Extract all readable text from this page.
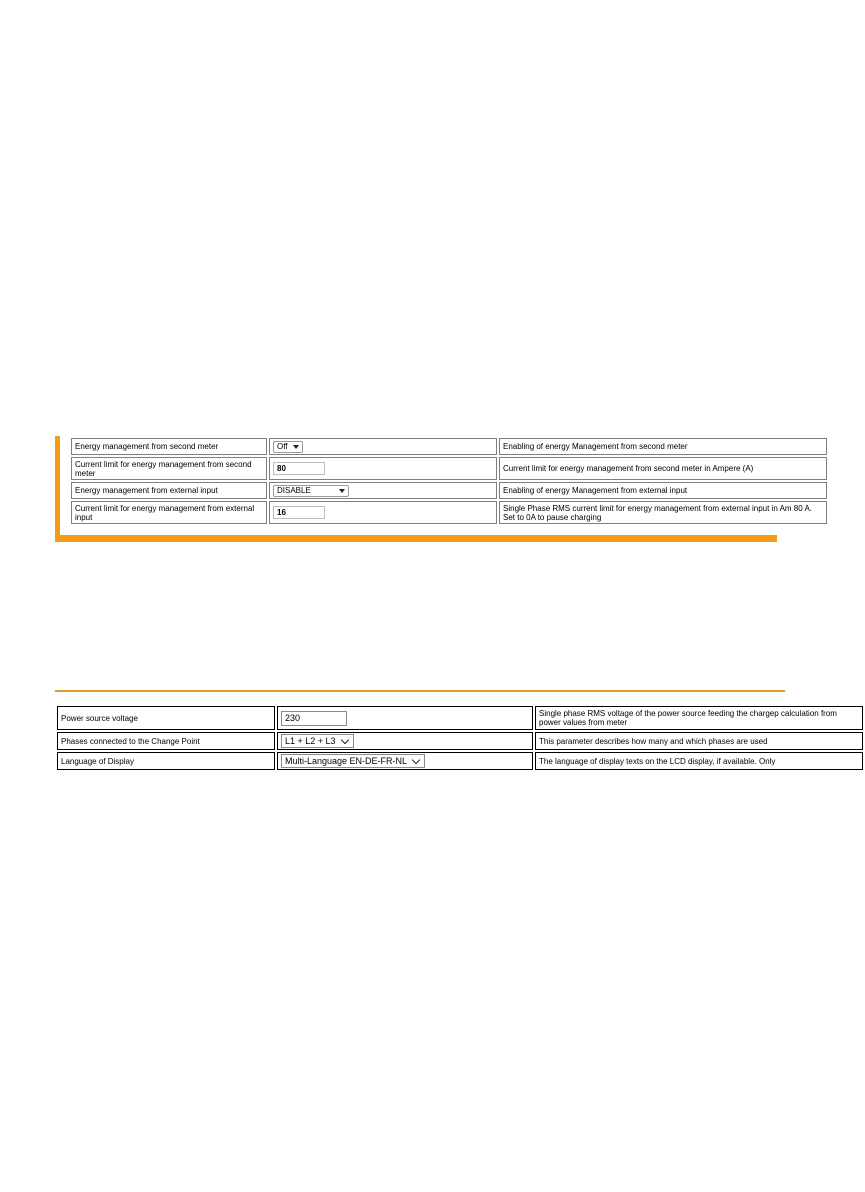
Energy management from second meter	Off	Enabling of energy Management from second meter
Current limit for energy management from second meter	80	Current limit for energy management from second meter in Ampere (A)
Energy management from external input	DISABLE	Enabling of energy Management from external input
Current limit for energy management from external input	16	Single Phase RMS current limit for energy management from external input in Am 80 A. Set to 0A to pause charging
Power source voltage	230	Single phase RMS voltage of the power source feeding the chargep calculation from power values from meter
Phases connected to the Change Point	L1 + L2 + L3	This parameter describes how many and which phases are used
Language of Display	Multi-Language EN-DE-FR-NL	The language of display texts on the LCD display, if available. Only
